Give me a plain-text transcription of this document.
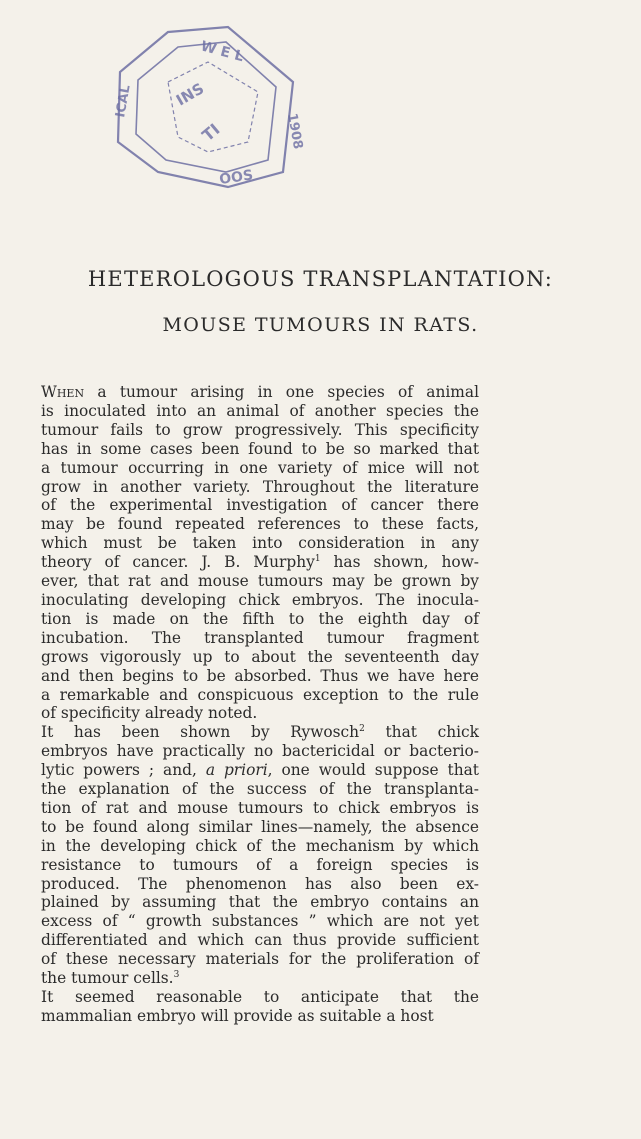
W E L
1908
OOS
ICAL	INS
TI
HETEROLOGOUS TRANSPLANTATION:
MOUSE TUMOURS IN RATS.

When a tumour arising in one species of animal

is inoculated into an animal of another species the

tumour fails to grow progressively. This specificity

has in some cases been found to be so marked that

a tumour occurring in one variety of mice will not

grow in another variety. Throughout the literature

of the experimental investigation of cancer there

may be found repeated references to these facts,

which must be taken into consideration in any

theory of cancer. J. B. Murphy$^1$ has shown, how-

ever, that rat and mouse tumours may be grown by

inoculating developing chick embryos. The inocula-

tion is made on the fifth to the eighth day of

incubation. The transplanted tumour fragment

grows vigorously up to about the seventeenth day

and then begins to be absorbed. Thus we have here

a remarkable and conspicuous exception to the rule

of specificity already noted.

It has been shown by Rywosch$^2$ that chick

embryos have practically no bactericidal or bacterio-

lytic powers ; and, a priori, one would suppose that

the explanation of the success of the transplanta-

tion of rat and mouse tumours to chick embryos is

to be found along similar lines—namely, the absence

in the developing chick of the mechanism by which

resistance to tumours of a foreign species is

produced. The phenomenon has also been ex-

plained by assuming that the embryo contains an

excess of “ growth substances ” which are not yet

differentiated and which can thus provide sufficient

of these necessary materials for the proliferation of

the tumour cells.$^3$

It seemed reasonable to anticipate that the

mammalian embryo will provide as suitable a host
